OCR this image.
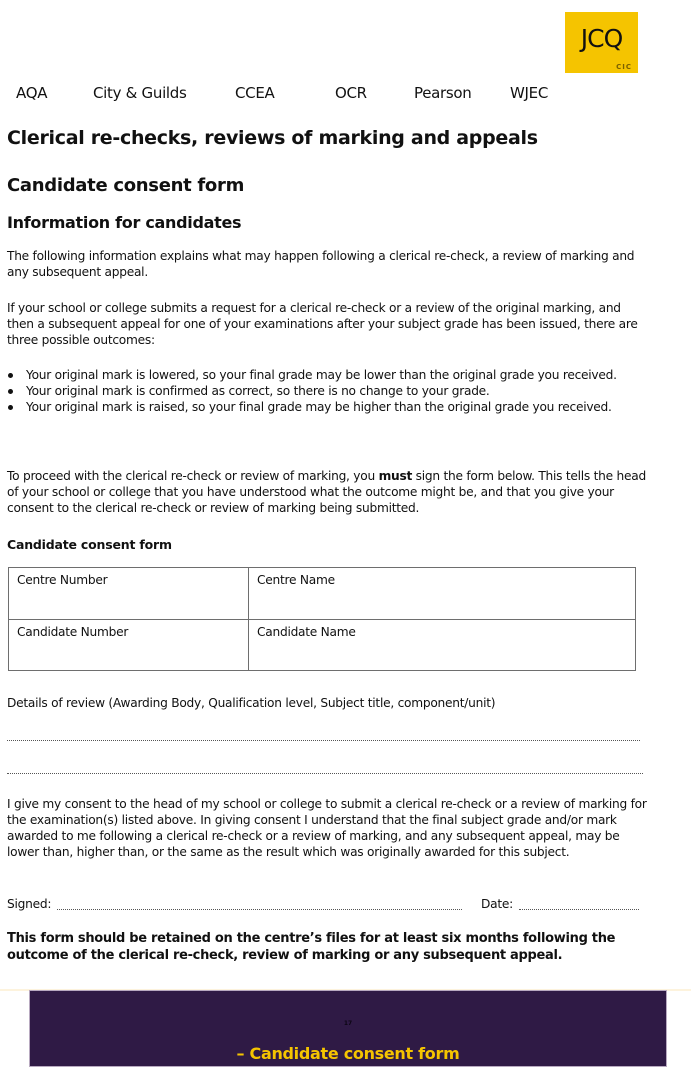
JCQ
CIC
AQA	City & Guilds	CCEA	OCR	Pearson	WJEC
Clerical re-checks, reviews of marking and appeals
Candidate consent form
Information for candidates
The following information explains what may happen following a clerical re-check, a review of marking and any subsequent appeal.
If your school or college submits a request for a clerical re-check or a review of the original marking, and then a subsequent appeal for one of your examinations after your subject grade has been issued, there are three possible outcomes:
Your original mark is lowered, so your final grade may be lower than the original grade you received.
Your original mark is confirmed as correct, so there is no change to your grade.
Your original mark is raised, so your final grade may be higher than the original grade you received.
To proceed with the clerical re-check or review of marking, you must sign the form below. This tells the head of your school or college that you have understood what the outcome might be, and that you give your consent to the clerical re-check or review of marking being submitted.
Candidate consent form
Centre Number	Centre Name
Candidate Number	Candidate Name
Details of review (Awarding Body, Qualification level, Subject title, component/unit)
I give my consent to the head of my school or college to submit a clerical re-check or a review of marking for the examination(s) listed above. In giving consent I understand that the final subject grade and/or mark awarded to me following a clerical re-check or a review of marking, and any subsequent appeal, may be lower than, higher than, or the same as the result which was originally awarded for this subject.
Signed:	Date:
This form should be retained on the centre’s files for at least six months following the outcome of the clerical re-check, review of marking or any subsequent appeal.
17
– Candidate consent form
